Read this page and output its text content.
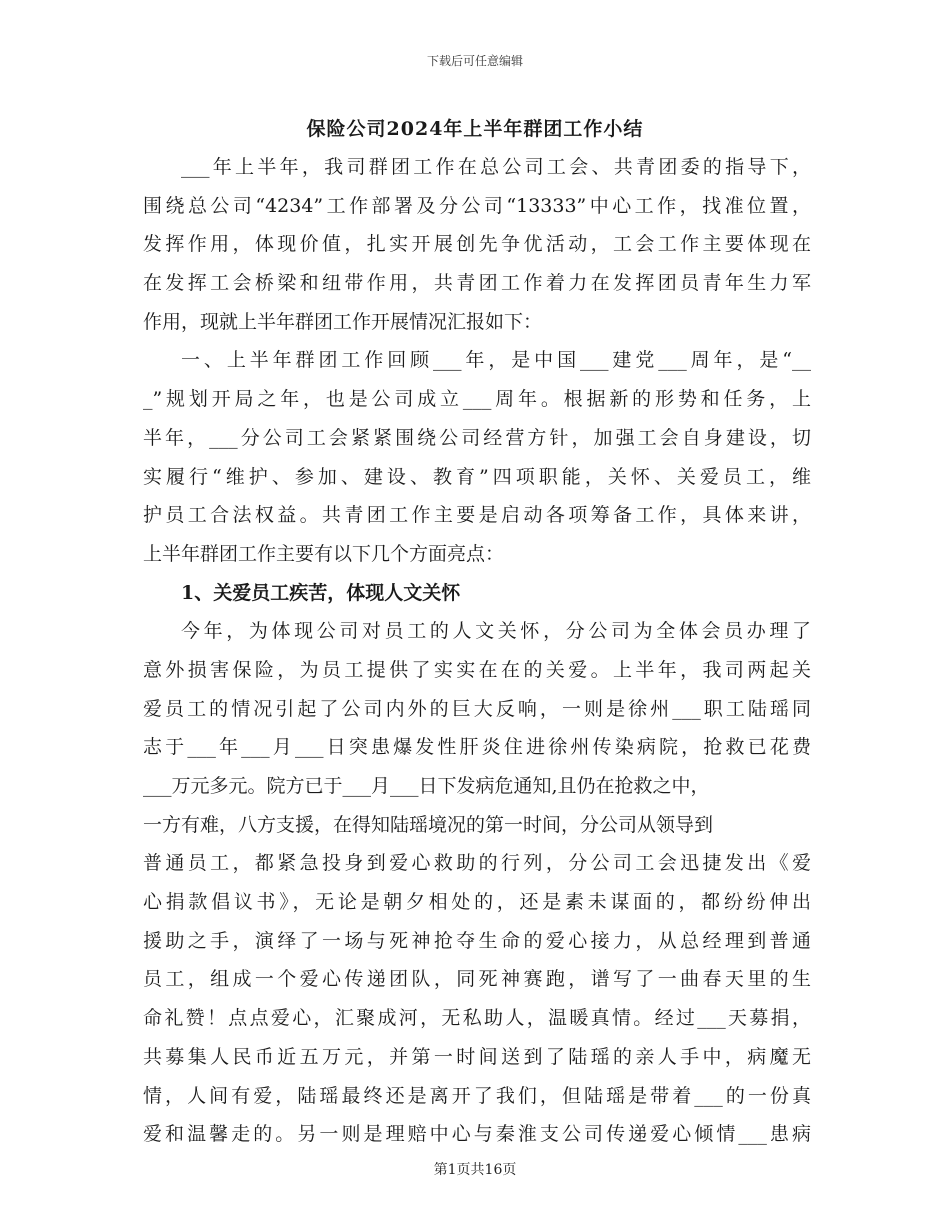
下载后可任意编辑
保险公司2024年上半年群团工作小结
___年上半年，我司群团工作在总公司工会、共青团委的指导下，
围绕总公司“4234”工作部署及分公司“13333”中心工作，找准位置，
发挥作用，体现价值，扎实开展创先争优活动，工会工作主要体现在
在发挥工会桥梁和纽带作用，共青团工作着力在发挥团员青年生力军
作用，现就上半年群团工作开展情况汇报如下：
一、上半年群团工作回顾___年，是中国___建党___周年，是“__
_”规划开局之年，也是公司成立___周年。根据新的形势和任务，上
半年，___分公司工会紧紧围绕公司经营方针，加强工会自身建设，切
实履行“维护、参加、建设、教育”四项职能，关怀、关爱员工，维
护员工合法权益。共青团工作主要是启动各项筹备工作，具体来讲，
上半年群团工作主要有以下几个方面亮点：
1、关爱员工疾苦，体现人文关怀
今年，为体现公司对员工的人文关怀，分公司为全体会员办理了
意外损害保险，为员工提供了实实在在的关爱。上半年，我司两起关
爱员工的情况引起了公司内外的巨大反响，一则是徐州___职工陆瑶同
志于___年___月___日突患爆发性肝炎住进徐州传染病院，抢救已花费
___万元多元。院方已于___月___日下发病危通知,且仍在抢救之中，
一方有难，八方支援，在得知陆瑶境况的第一时间，分公司从领导到
普通员工，都紧急投身到爱心救助的行列，分公司工会迅捷发出《爱
心捐款倡议书》，无论是朝夕相处的，还是素未谋面的，都纷纷伸出
援助之手，演绎了一场与死神抢夺生命的爱心接力，从总经理到普通
员工，组成一个爱心传递团队，同死神赛跑，谱写了一曲春天里的生
命礼赞！点点爱心，汇聚成河，无私助人，温暖真情。经过___天募捐，
共募集人民币近五万元，并第一时间送到了陆瑶的亲人手中，病魔无
情，人间有爱，陆瑶最终还是离开了我们，但陆瑶是带着___的一份真
爱和温馨走的。另一则是理赔中心与秦淮支公司传递爱心倾情___患病
第1页共16页
